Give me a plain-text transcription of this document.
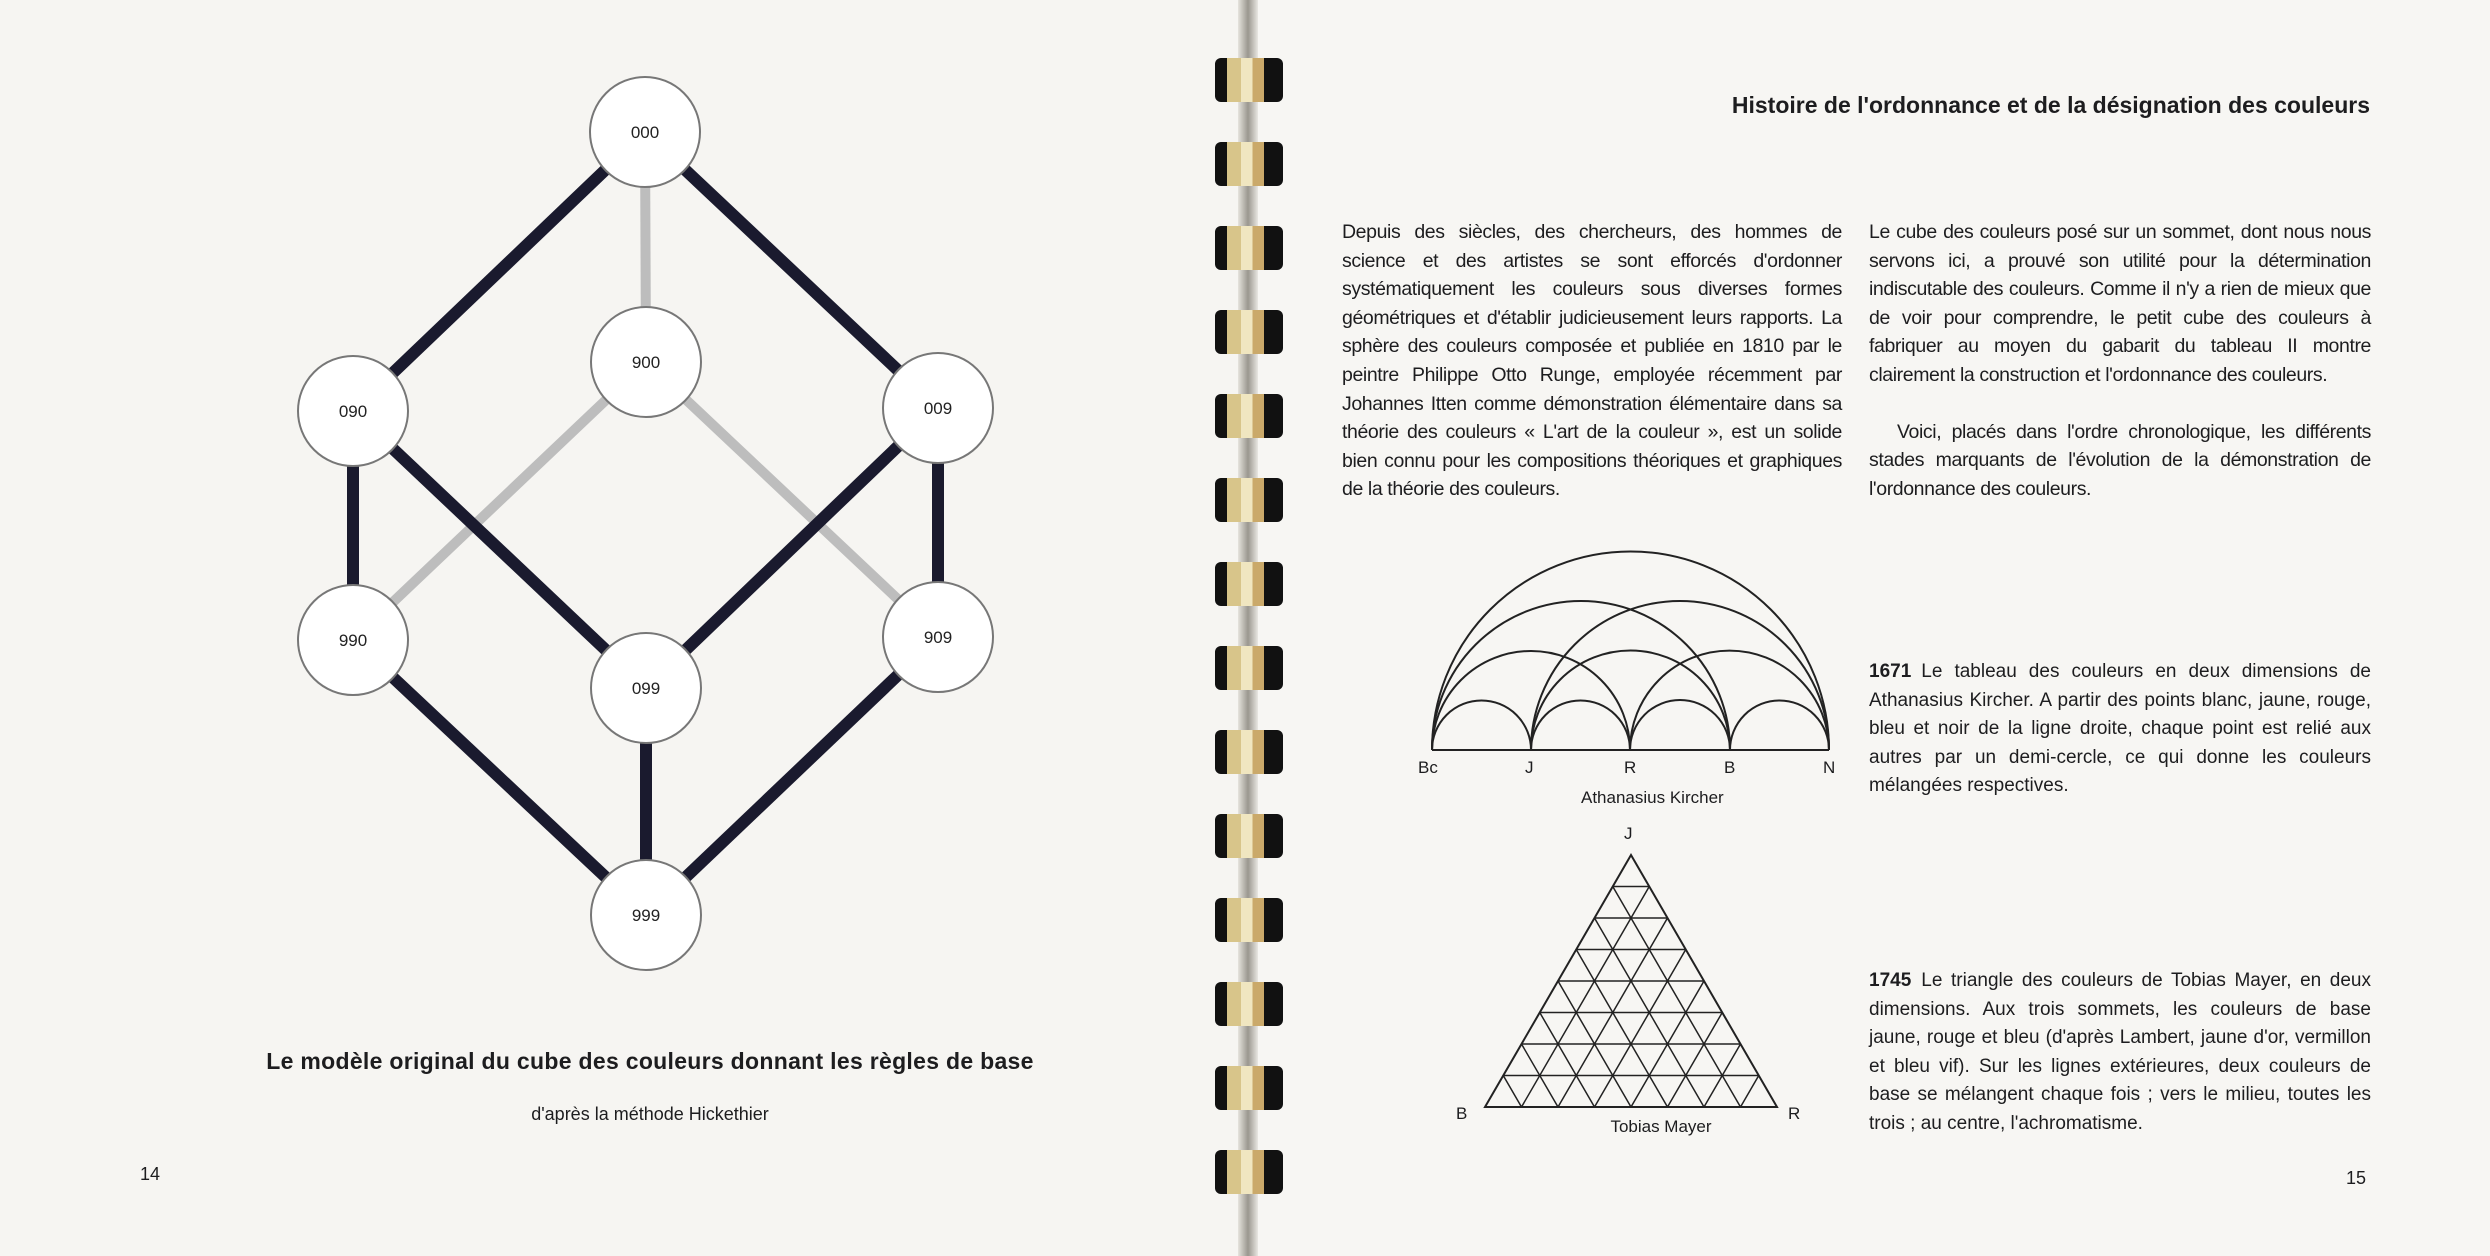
000
090
900
009
990	909
099
999
Le modèle original du cube des couleurs donnant les règles de base
d'après la méthode Hickethier
14	15
Histoire de l'ordonnance et de la désignation des couleurs

Depuis des siècles, des chercheurs, des hommes de science et des artistes se sont efforcés d'ordonner systématiquement les couleurs sous diverses formes géométriques et d'établir judicieusement leurs rapports. La sphère des couleurs composée et publiée en 1810 par le peintre Philippe Otto Runge, employée récemment par Johannes Itten comme démonstration élémentaire dans sa théorie des couleurs « L'art de la couleur », est un solide bien connu pour les compositions théoriques et graphiques de la théorie des couleurs.

Le cube des couleurs posé sur un sommet, dont nous nous servons ici, a prouvé son utilité pour la détermination indiscutable des couleurs. Comme il n'y a rien de mieux que de voir pour comprendre, le petit cube des couleurs à fabriquer au moyen du gabarit du tableau II montre clairement la construction et l'ordonnance des couleurs.

Voici, placés dans l'ordre chronologique, les différents stades marquants de l'évolution de la démonstration de l'ordonnance des couleurs.

1671 Le tableau des couleurs en deux dimensions de Athanasius Kircher. A partir des points blanc, jaune, rouge, bleu et noir de la ligne droite, chaque point est relié aux autres par un demi-cercle, ce qui donne les couleurs mélangées respectives.
1745 Le triangle des couleurs de Tobias Mayer, en deux dimensions. Aux trois sommets, les couleurs de base jaune, rouge et bleu (d'après Lambert, jaune d'or, vermillon et bleu vif). Sur les lignes extérieures, deux couleurs de base se mélangent chaque fois ; vers le milieu, toutes les trois ; au centre, l'achromatisme.
Athanasius Kircher
Tobias Mayer
J
B	R
Bc	J	R	B	N
